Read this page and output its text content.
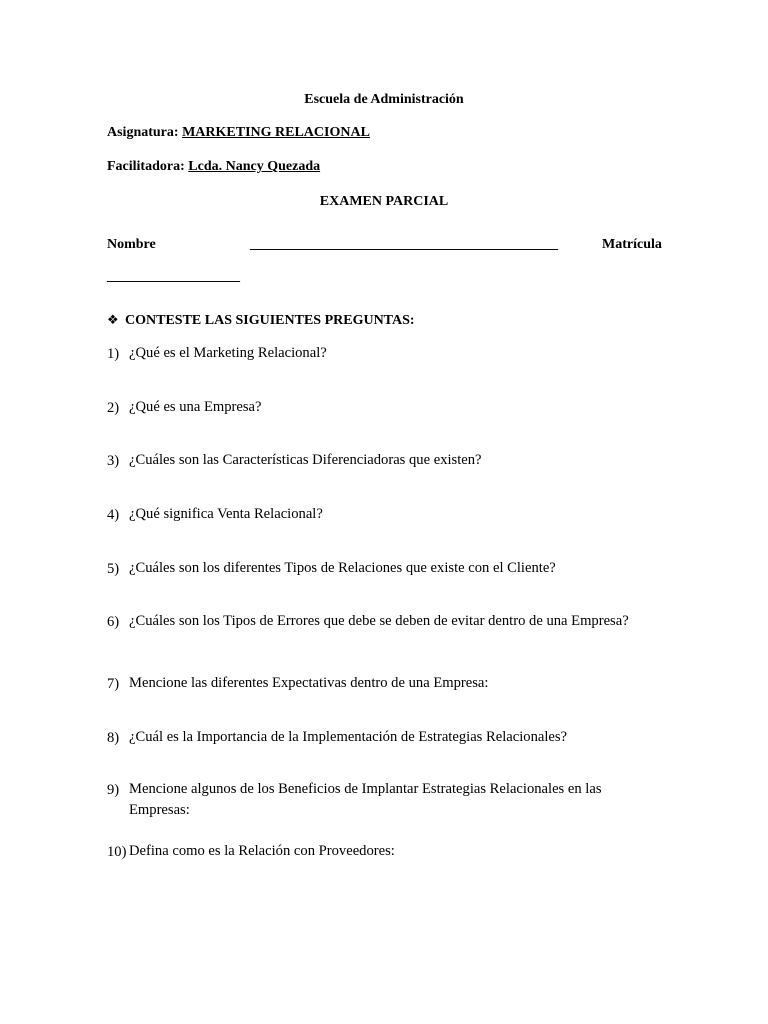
Escuela de Administración
Asignatura: MARKETING RELACIONAL
Facilitadora: Lcda. Nancy Quezada
EXAMEN PARCIAL
Nombre	____________________________________________	Matrícula
___________________
❖ CONTESTE LAS SIGUIENTES PREGUNTAS:
1) ¿Qué es el Marketing Relacional?
2) ¿Qué es una Empresa?
3) ¿Cuáles son las Características Diferenciadoras que existen?
4) ¿Qué significa Venta Relacional?
5) ¿Cuáles son los diferentes Tipos de Relaciones que existe con el Cliente?
6) ¿Cuáles son los Tipos de Errores que debe se deben de evitar dentro de una Empresa?
7) Mencione las diferentes Expectativas dentro de una Empresa:
8) ¿Cuál es la Importancia de la Implementación de Estrategias Relacionales?
9) Mencione algunos de los Beneficios de Implantar Estrategias Relacionales en las
Empresas:
10) Defina como es la Relación con Proveedores:
